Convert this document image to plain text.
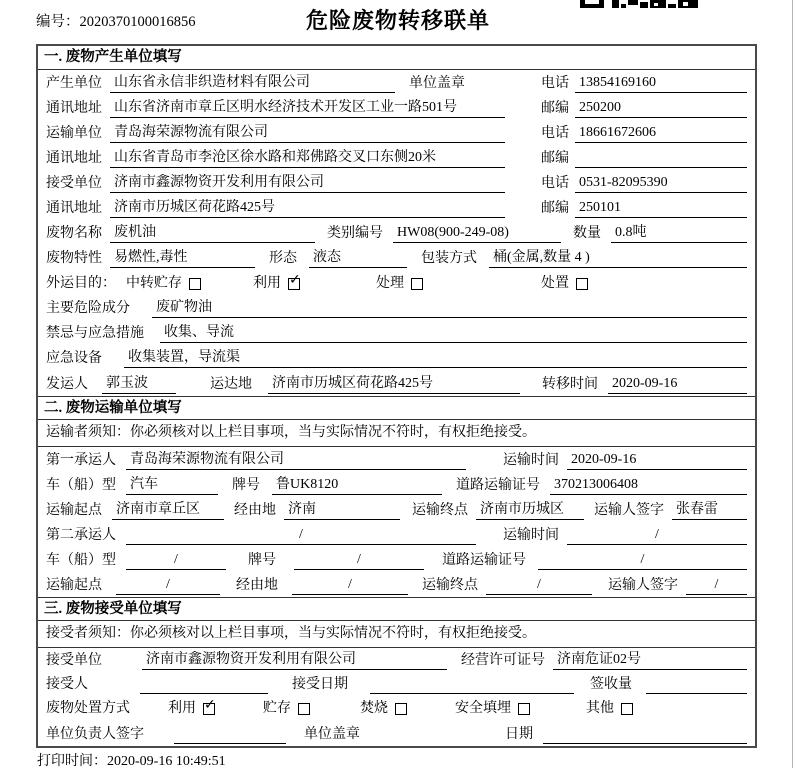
编号：2020370100016856	危险废物转移联单
一. 废物产生单位填写
产生单位 山东省永信非织造材料有限公司	单位盖章	电话 13854169160
通讯地址 山东省济南市章丘区明水经济技术开发区工业一路501号	邮编 250200
运输单位 青岛海荣源物流有限公司	电话 18661672606
通讯地址 山东省青岛市李沧区徐水路和郑佛路交叉口东侧20米	邮编
接受单位 济南市鑫源物资开发利用有限公司	电话 0531-82095390
通讯地址 济南市历城区荷花路425号	邮编 250101
废物名称 废机油	类别编号 HW08(900-249-08)	数量 0.8吨
废物特性 易燃性,毒性	形态 液态	包装方式 桶(金属,数量 4 )
外运目的： 中转贮存	利用 ✓	处理	处置
主要危险成分 废矿物油
禁忌与应急措施 收集、导流
应急设备 收集装置，导流渠
发运人 郭玉波	运达地 济南市历城区荷花路425号	转移时间 2020-09-16
二. 废物运输单位填写
运输者须知：你必须核对以上栏目事项，当与实际情况不符时，有权拒绝接受。
第一承运人	青岛海荣源物流有限公司	运输时间 2020-09-16
车（船）型	汽车	牌号 鲁UK8120	道路运输证号 370213006408
运输起点	济南市章丘区	经由地 济南	运输终点 济南市历城区	运输人签字 张春雷
第二承运人	/	运输时间	/
车（船）型	/	牌号	/	道路运输证号	/
运输起点	/	经由地	/	运输终点	/	运输人签字	/
三. 废物接受单位填写
接受者须知：你必须核对以上栏目事项，当与实际情况不符时，有权拒绝接受。
接受单位	济南市鑫源物资开发利用有限公司	经营许可证号 济南危证02号
接受人	接受日期	签收量
废物处置方式	利用 ✓	贮存	焚烧	安全填埋	其他
单位负责人签字	单位盖章	日期
打印时间：2020-09-16 10:49:51
